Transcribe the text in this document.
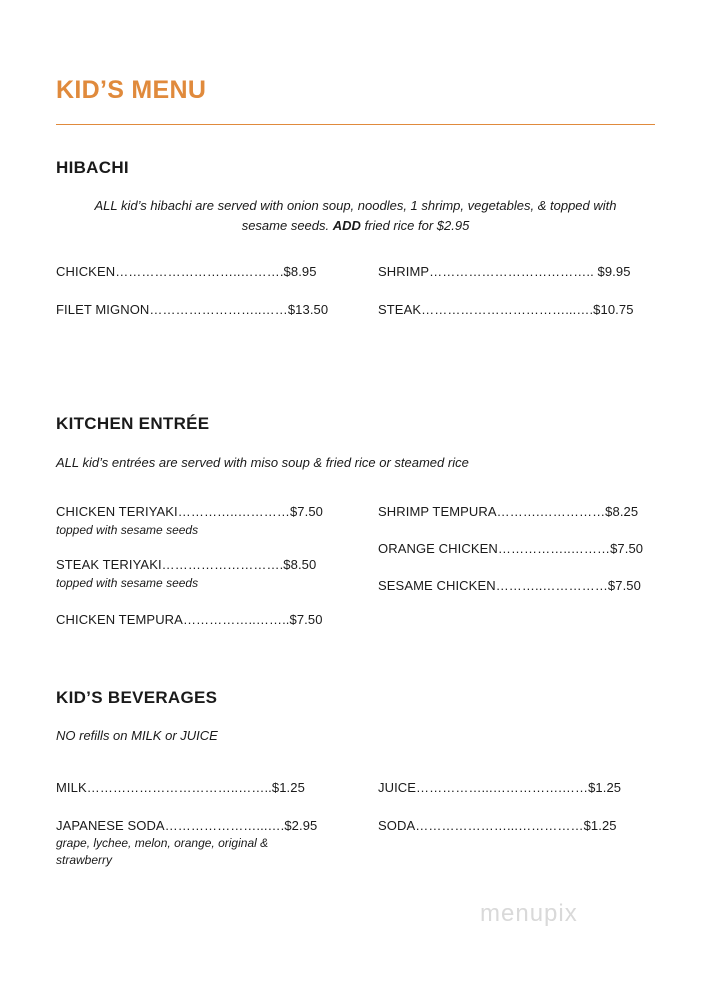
KID’S MENU
HIBACHI
ALL kid’s hibachi are served with onion soup, noodles, 1 shrimp, vegetables, & topped with
sesame seeds. ADD fried rice for $2.95
CHICKEN………………………..……….$8.95
FILET MIGNON……………………..……$13.50
SHRIMP……………………………….. $9.95
STEAK……………………………...….$10.75
KITCHEN ENTRÉE
ALL kid’s entrées are served with miso soup & fried rice or steamed rice
CHICKEN TERIYAKI…………..…………$7.50
topped with sesame seeds
STEAK TERIYAKI……………………….$8.50
topped with sesame seeds
CHICKEN TEMPURA……………..……..$7.50
SHRIMP TEMPURA……….……………$8.25
ORANGE CHICKEN……………..………$7.50
SESAME CHICKEN………..……………$7.50
KID’S BEVERAGES
NO refills on MILK or JUICE
MILK……………………………..……..$1.25
JAPANESE SODA…………………...….$2.95
grape, lychee, melon, orange, original &
strawberry
JUICE……………...…………….……$1.25
SODA…………………...……………$1.25
menupix
